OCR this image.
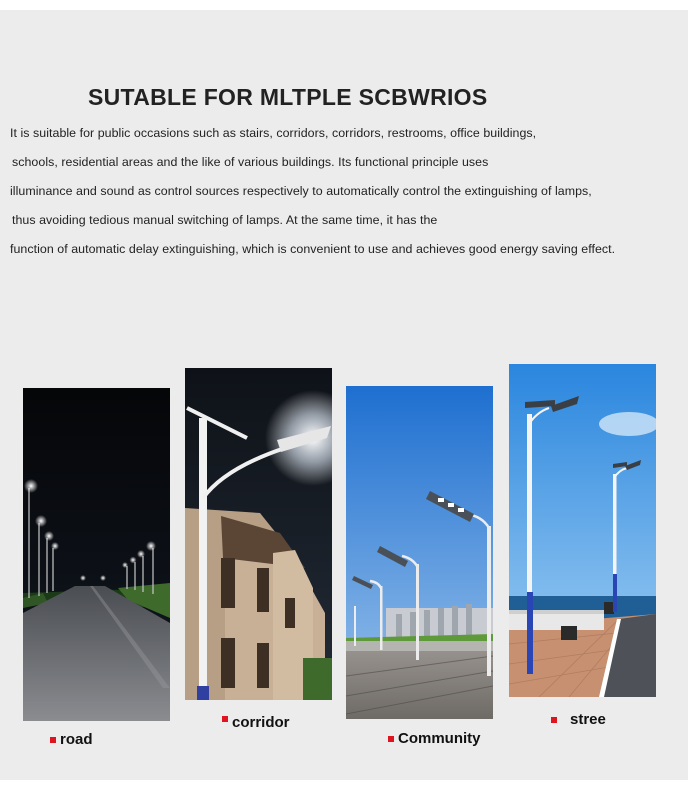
SUTABLE FOR MLTPLE SCBWRIOS
It is suitable for public occasions such as stairs, corridors, corridors, restrooms, office buildings,
schools, residential areas and the like of various buildings. Its functional principle uses
illuminance and sound as control sources respectively to automatically control the extinguishing of lamps,
thus avoiding tedious manual switching of lamps. At the same time, it has the
function of automatic delay extinguishing, which is convenient to use and achieves good energy saving effect.
road
corridor
Community
stree
